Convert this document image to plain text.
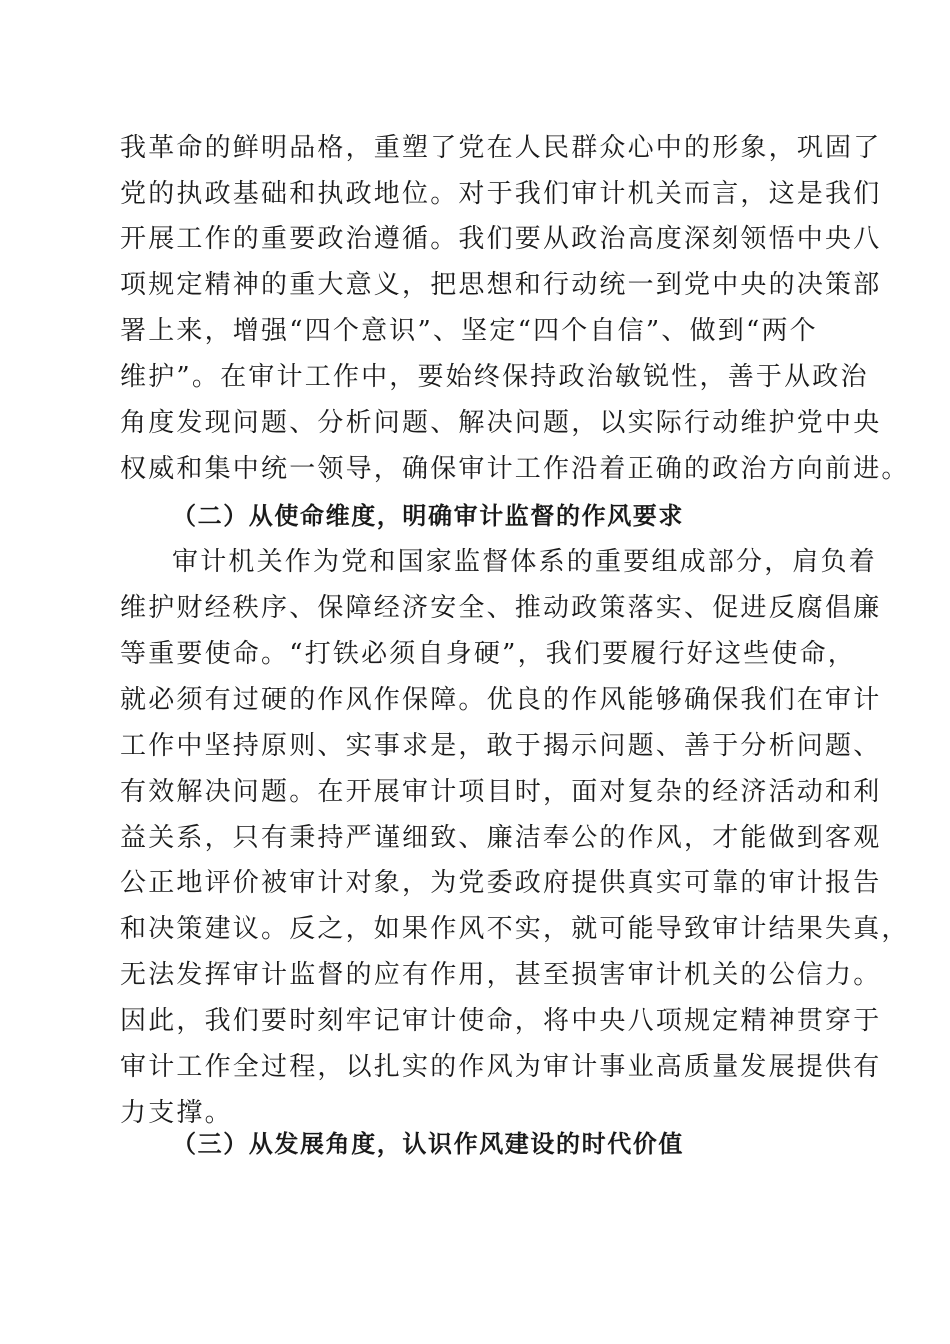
我革命的鲜明品格，重塑了党在人民群众心中的形象，巩固了
党的执政基础和执政地位。对于我们审计机关而言，这是我们
开展工作的重要政治遵循。我们要从政治高度深刻领悟中央八
项规定精神的重大意义，把思想和行动统一到党中央的决策部
署上来，增强“四个意识”、坚定“四个自信”、做到“两个
维护”。在审计工作中，要始终保持政治敏锐性，善于从政治
角度发现问题、分析问题、解决问题，以实际行动维护党中央
权威和集中统一领导，确保审计工作沿着正确的政治方向前进。
（二）从使命维度，明确审计监督的作风要求
审计机关作为党和国家监督体系的重要组成部分，肩负着
维护财经秩序、保障经济安全、推动政策落实、促进反腐倡廉
等重要使命。“打铁必须自身硬”，我们要履行好这些使命，
就必须有过硬的作风作保障。优良的作风能够确保我们在审计
工作中坚持原则、实事求是，敢于揭示问题、善于分析问题、
有效解决问题。在开展审计项目时，面对复杂的经济活动和利
益关系，只有秉持严谨细致、廉洁奉公的作风，才能做到客观
公正地评价被审计对象，为党委政府提供真实可靠的审计报告
和决策建议。反之，如果作风不实，就可能导致审计结果失真，
无法发挥审计监督的应有作用，甚至损害审计机关的公信力。
因此，我们要时刻牢记审计使命，将中央八项规定精神贯穿于
审计工作全过程，以扎实的作风为审计事业高质量发展提供有
力支撑。
（三）从发展角度，认识作风建设的时代价值
